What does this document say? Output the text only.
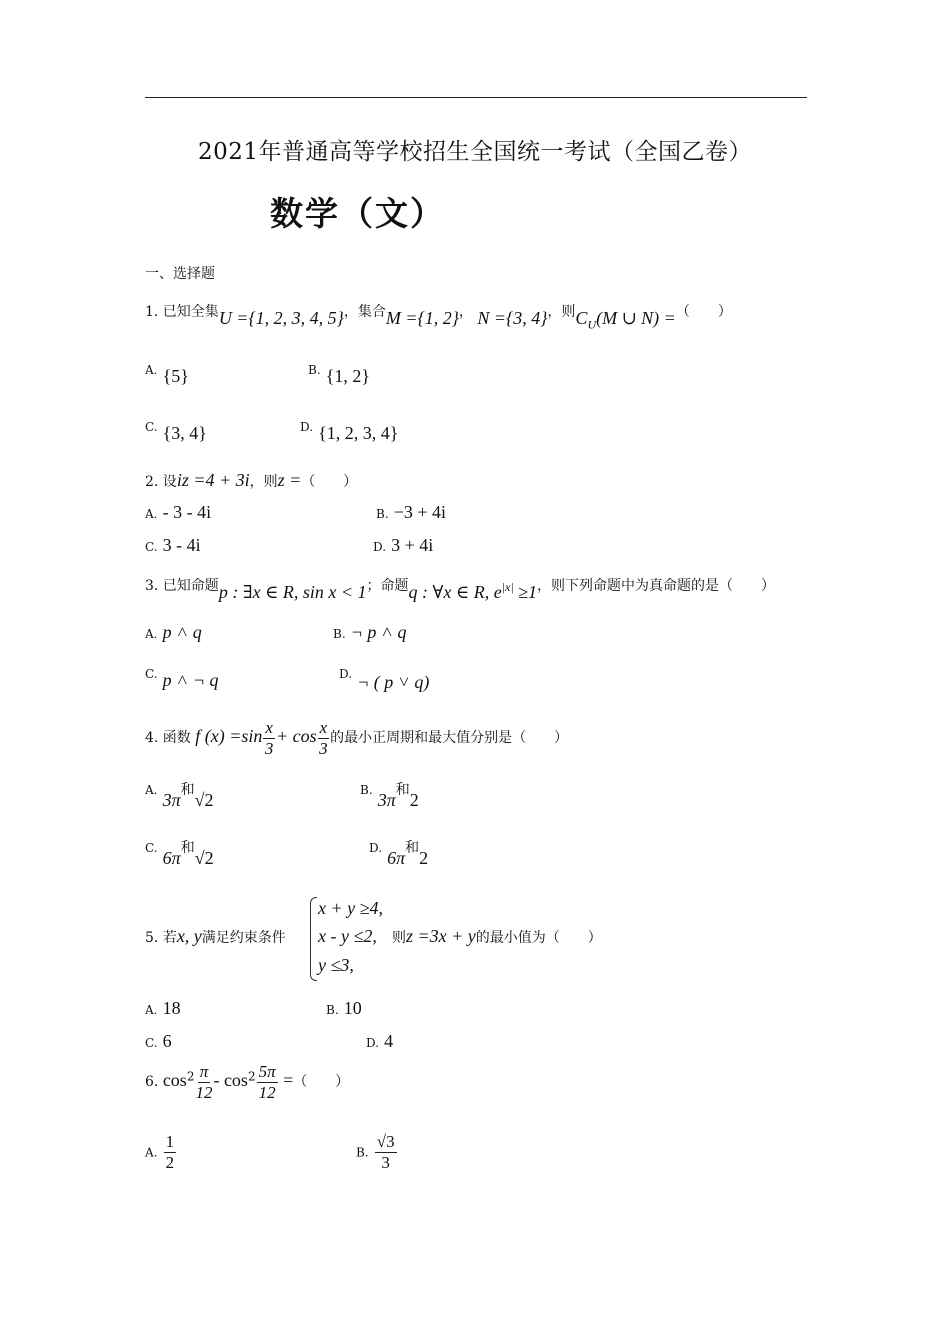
2021年普通高等学校招生全国统一考试（全国乙卷）
数学（文）
一、选择题
1. 已知全集U ={1, 2, 3, 4, 5}，集合M ={1, 2}， N ={3, 4}，则$C_U(M$ ∪ N) =（　　）
A. {5}	B. {1, 2}
C. {3, 4}	D. {1, 2, 3, 4}
2. 设iz =4 + 3i，则z =（　　）
A. - 3 - 4i	B. −3 + 4i
C. 3 - 4i	D. 3 + 4i
3. 已知命题p : ∃x ∈ R, sin x < 1；命题q : ∀x ∈ R, $e^{|x|} \ge 1$，则下列命题中为真命题的是（　　）
A. p ˄ q	B. ¬ p ˄ q
C. p ˄ ¬ q	D. ¬ ( p ˅ q)
4. 函数 f $(x) =\sin \frac{x}{3} + \cos \frac{x}{3}$ 的最小正周期和最大值分别是（　　）
A. 3π和√2	B. 3π和2
C. 6π和√2	D. 6π和2
5. 若x, y满足约束条件
x + y ≥4,
x - y ≤2,
y ≤3,
则z =3x + y的最小值为（　　）
A. 18	B. 10
C. 6	D. 4
6. $\cos^2 \frac{\pi}{12} - \cos^2 \frac{5\pi}{12}$ =（　　）
A. $\frac{1}{2}$	B. $\frac{√3}{3}$
